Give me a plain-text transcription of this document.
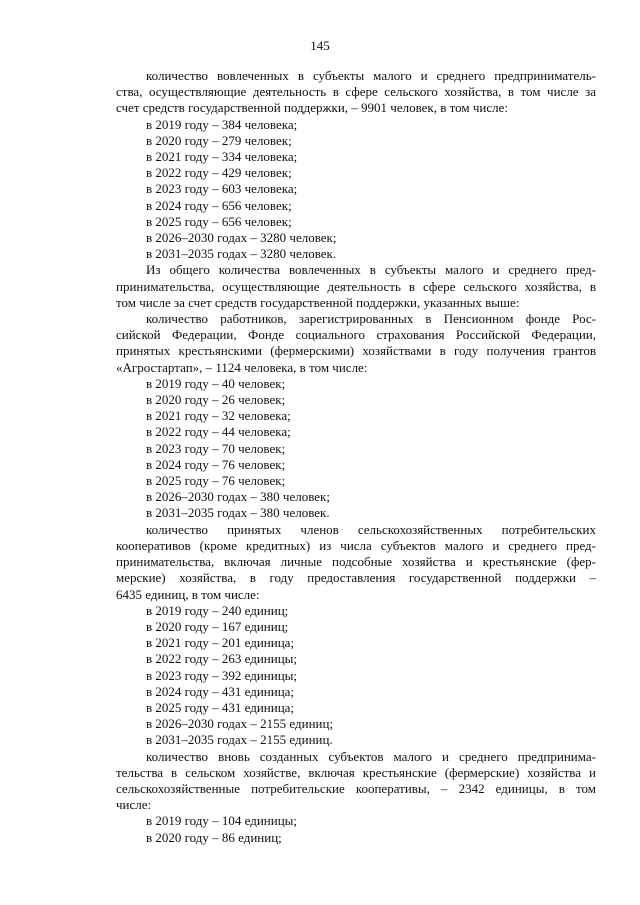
145

количество вовлеченных в субъекты малого и среднего предприниматель-
ства, осуществляющие деятельность в сфере сельского хозяйства, в том числе за
счет средств государственной поддержки, – 9901 человек, в том числе:

в 2019 году – 384 человека;

в 2020 году – 279 человек;

в 2021 году – 334 человека;

в 2022 году – 429 человек;

в 2023 году – 603 человека;

в 2024 году – 656 человек;

в 2025 году – 656 человек;

в 2026–2030 годах – 3280 человек;

в 2031–2035 годах – 3280 человек.

Из общего количества вовлеченных в субъекты малого и среднего пред-
принимательства, осуществляющие деятельность в сфере сельского хозяйства, в
том числе за счет средств государственной поддержки, указанных выше:

количество работников, зарегистрированных в Пенсионном фонде Рос-
сийской Федерации, Фонде социального страхования Российской Федерации,
принятых крестьянскими (фермерскими) хозяйствами в году получения грантов
«Агростартап», – 1124 человека, в том числе:

в 2019 году – 40 человек;

в 2020 году – 26 человек;

в 2021 году – 32 человека;

в 2022 году – 44 человека;

в 2023 году – 70 человек;

в 2024 году – 76 человек;

в 2025 году – 76 человек;

в 2026–2030 годах – 380 человек;

в 2031–2035 годах – 380 человек.

количество принятых членов сельскохозяйственных потребительских
кооперативов (кроме кредитных) из числа субъектов малого и среднего пред-
принимательства, включая личные подсобные хозяйства и крестьянские (фер-
мерские) хозяйства, в году предоставления государственной поддержки –
6435 единиц, в том числе:

в 2019 году – 240 единиц;

в 2020 году – 167 единиц;

в 2021 году – 201 единица;

в 2022 году – 263 единицы;

в 2023 году – 392 единицы;

в 2024 году – 431 единица;

в 2025 году – 431 единица;

в 2026–2030 годах – 2155 единиц;

в 2031–2035 годах – 2155 единиц.

количество вновь созданных субъектов малого и среднего предпринима-
тельства в сельском хозяйстве, включая крестьянские (фермерские) хозяйства и
сельскохозяйственные потребительские кооперативы, – 2342 единицы, в том
числе:

в 2019 году – 104 единицы;

в 2020 году – 86 единиц;
